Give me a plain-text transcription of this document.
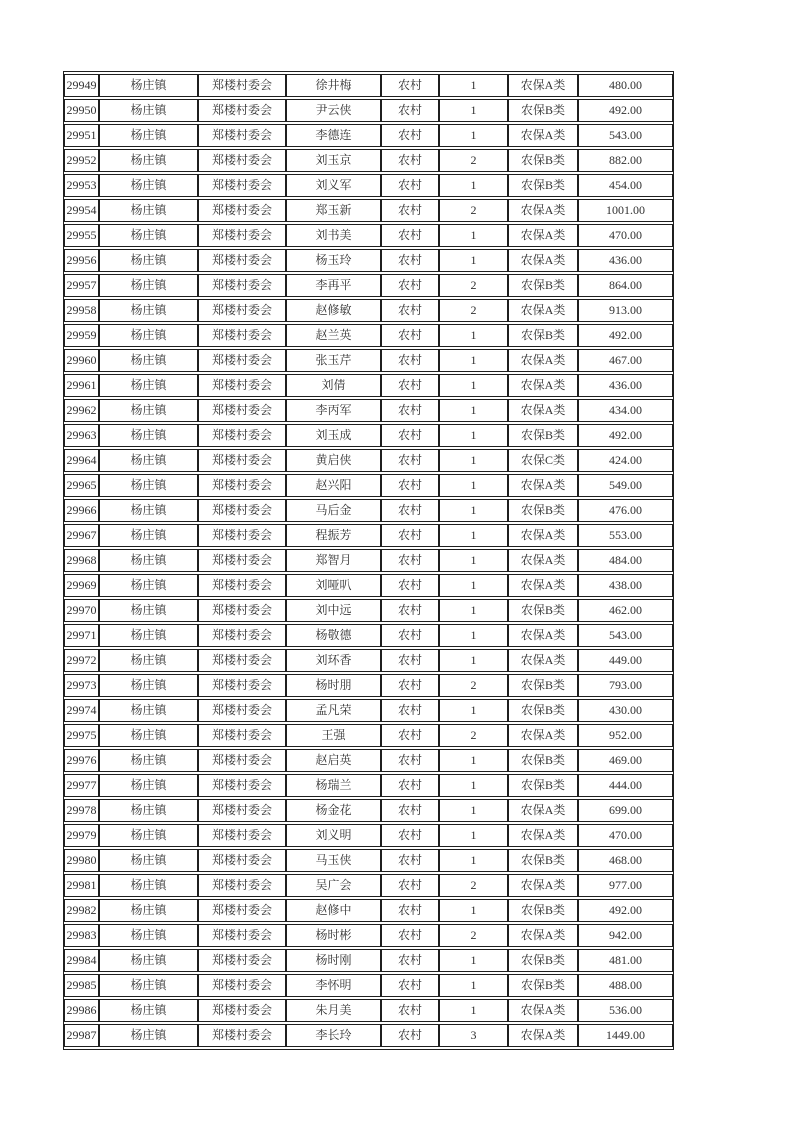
29949	杨庄镇	郑楼村委会	徐井梅	农村	1	农保A类	480.00
29950	杨庄镇	郑楼村委会	尹云侠	农村	1	农保B类	492.00
29951	杨庄镇	郑楼村委会	李德连	农村	1	农保A类	543.00
29952	杨庄镇	郑楼村委会	刘玉京	农村	2	农保B类	882.00
29953	杨庄镇	郑楼村委会	刘义军	农村	1	农保B类	454.00
29954	杨庄镇	郑楼村委会	郑玉新	农村	2	农保A类	1001.00
29955	杨庄镇	郑楼村委会	刘书美	农村	1	农保A类	470.00
29956	杨庄镇	郑楼村委会	杨玉玲	农村	1	农保A类	436.00
29957	杨庄镇	郑楼村委会	李再平	农村	2	农保B类	864.00
29958	杨庄镇	郑楼村委会	赵修敏	农村	2	农保A类	913.00
29959	杨庄镇	郑楼村委会	赵兰英	农村	1	农保B类	492.00
29960	杨庄镇	郑楼村委会	张玉芹	农村	1	农保A类	467.00
29961	杨庄镇	郑楼村委会	刘倩	农村	1	农保A类	436.00
29962	杨庄镇	郑楼村委会	李丙军	农村	1	农保A类	434.00
29963	杨庄镇	郑楼村委会	刘玉成	农村	1	农保B类	492.00
29964	杨庄镇	郑楼村委会	黄启侠	农村	1	农保C类	424.00
29965	杨庄镇	郑楼村委会	赵兴阳	农村	1	农保A类	549.00
29966	杨庄镇	郑楼村委会	马后金	农村	1	农保B类	476.00
29967	杨庄镇	郑楼村委会	程振芳	农村	1	农保A类	553.00
29968	杨庄镇	郑楼村委会	郑智月	农村	1	农保A类	484.00
29969	杨庄镇	郑楼村委会	刘哑叭	农村	1	农保A类	438.00
29970	杨庄镇	郑楼村委会	刘中远	农村	1	农保B类	462.00
29971	杨庄镇	郑楼村委会	杨敬德	农村	1	农保A类	543.00
29972	杨庄镇	郑楼村委会	刘环香	农村	1	农保A类	449.00
29973	杨庄镇	郑楼村委会	杨时朋	农村	2	农保B类	793.00
29974	杨庄镇	郑楼村委会	孟凡荣	农村	1	农保B类	430.00
29975	杨庄镇	郑楼村委会	王强	农村	2	农保A类	952.00
29976	杨庄镇	郑楼村委会	赵启英	农村	1	农保B类	469.00
29977	杨庄镇	郑楼村委会	杨瑞兰	农村	1	农保B类	444.00
29978	杨庄镇	郑楼村委会	杨金花	农村	1	农保A类	699.00
29979	杨庄镇	郑楼村委会	刘义明	农村	1	农保A类	470.00
29980	杨庄镇	郑楼村委会	马玉侠	农村	1	农保B类	468.00
29981	杨庄镇	郑楼村委会	吴广会	农村	2	农保A类	977.00
29982	杨庄镇	郑楼村委会	赵修中	农村	1	农保B类	492.00
29983	杨庄镇	郑楼村委会	杨时彬	农村	2	农保A类	942.00
29984	杨庄镇	郑楼村委会	杨时刚	农村	1	农保B类	481.00
29985	杨庄镇	郑楼村委会	李怀明	农村	1	农保B类	488.00
29986	杨庄镇	郑楼村委会	朱月美	农村	1	农保A类	536.00
29987	杨庄镇	郑楼村委会	李长玲	农村	3	农保A类	1449.00
